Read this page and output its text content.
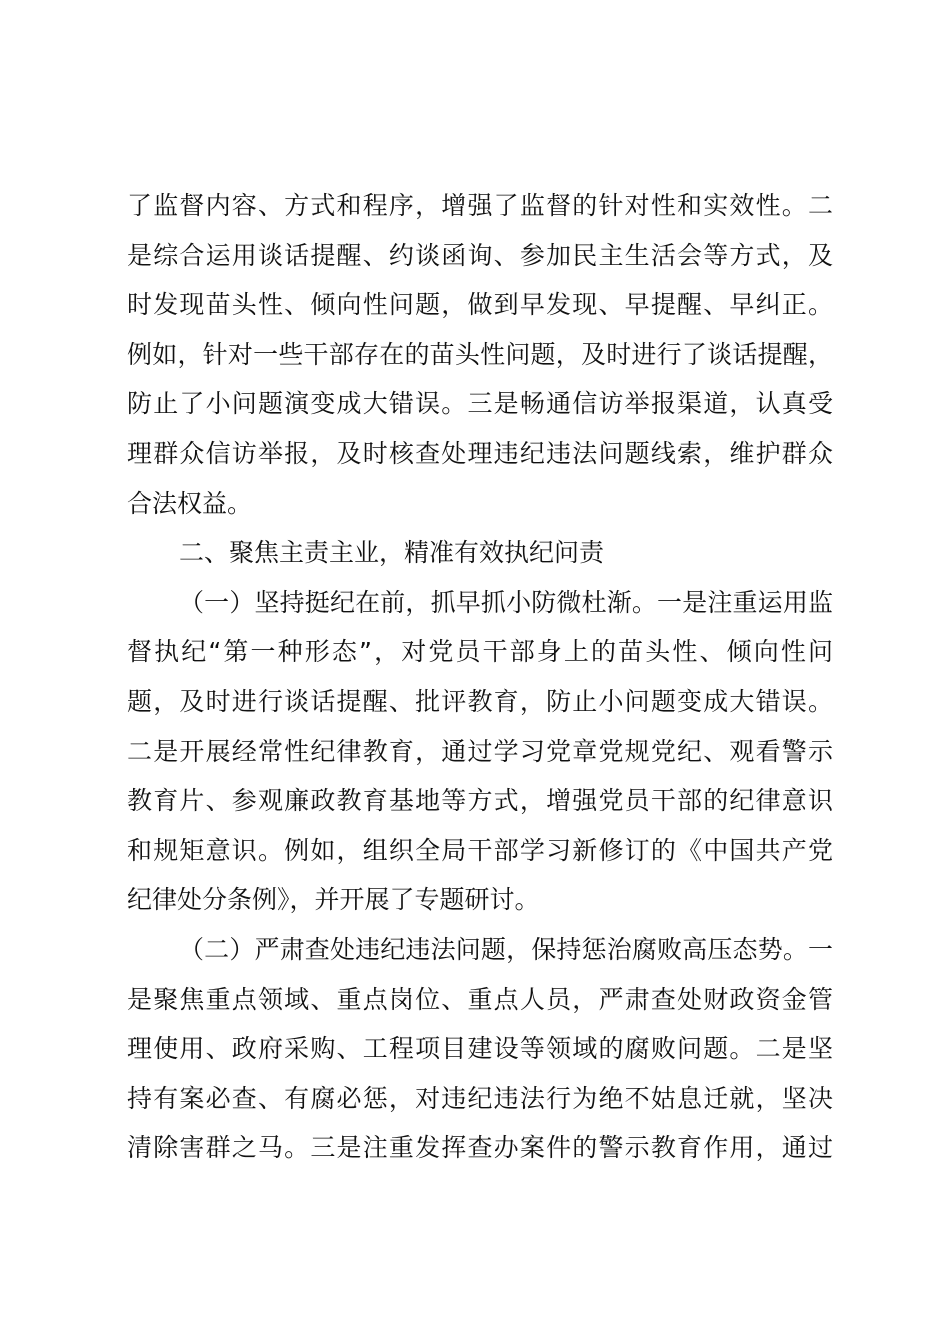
了监督内容、方式和程序，增强了监督的针对性和实效性。二
是综合运用谈话提醒、约谈函询、参加民主生活会等方式，及
时发现苗头性、倾向性问题，做到早发现、早提醒、早纠正。
例如，针对一些干部存在的苗头性问题，及时进行了谈话提醒，
防止了小问题演变成大错误。三是畅通信访举报渠道，认真受
理群众信访举报，及时核查处理违纪违法问题线索，维护群众
合法权益。
二、聚焦主责主业，精准有效执纪问责
（一）坚持挺纪在前，抓早抓小防微杜渐。一是注重运用监
督执纪“第一种形态”，对党员干部身上的苗头性、倾向性问
题，及时进行谈话提醒、批评教育，防止小问题变成大错误。
二是开展经常性纪律教育，通过学习党章党规党纪、观看警示
教育片、参观廉政教育基地等方式，增强党员干部的纪律意识
和规矩意识。例如，组织全局干部学习新修订的《中国共产党
纪律处分条例》，并开展了专题研讨。
（二）严肃查处违纪违法问题，保持惩治腐败高压态势。一
是聚焦重点领域、重点岗位、重点人员，严肃查处财政资金管
理使用、政府采购、工程项目建设等领域的腐败问题。二是坚
持有案必查、有腐必惩，对违纪违法行为绝不姑息迁就，坚决
清除害群之马。三是注重发挥查办案件的警示教育作用，通过
